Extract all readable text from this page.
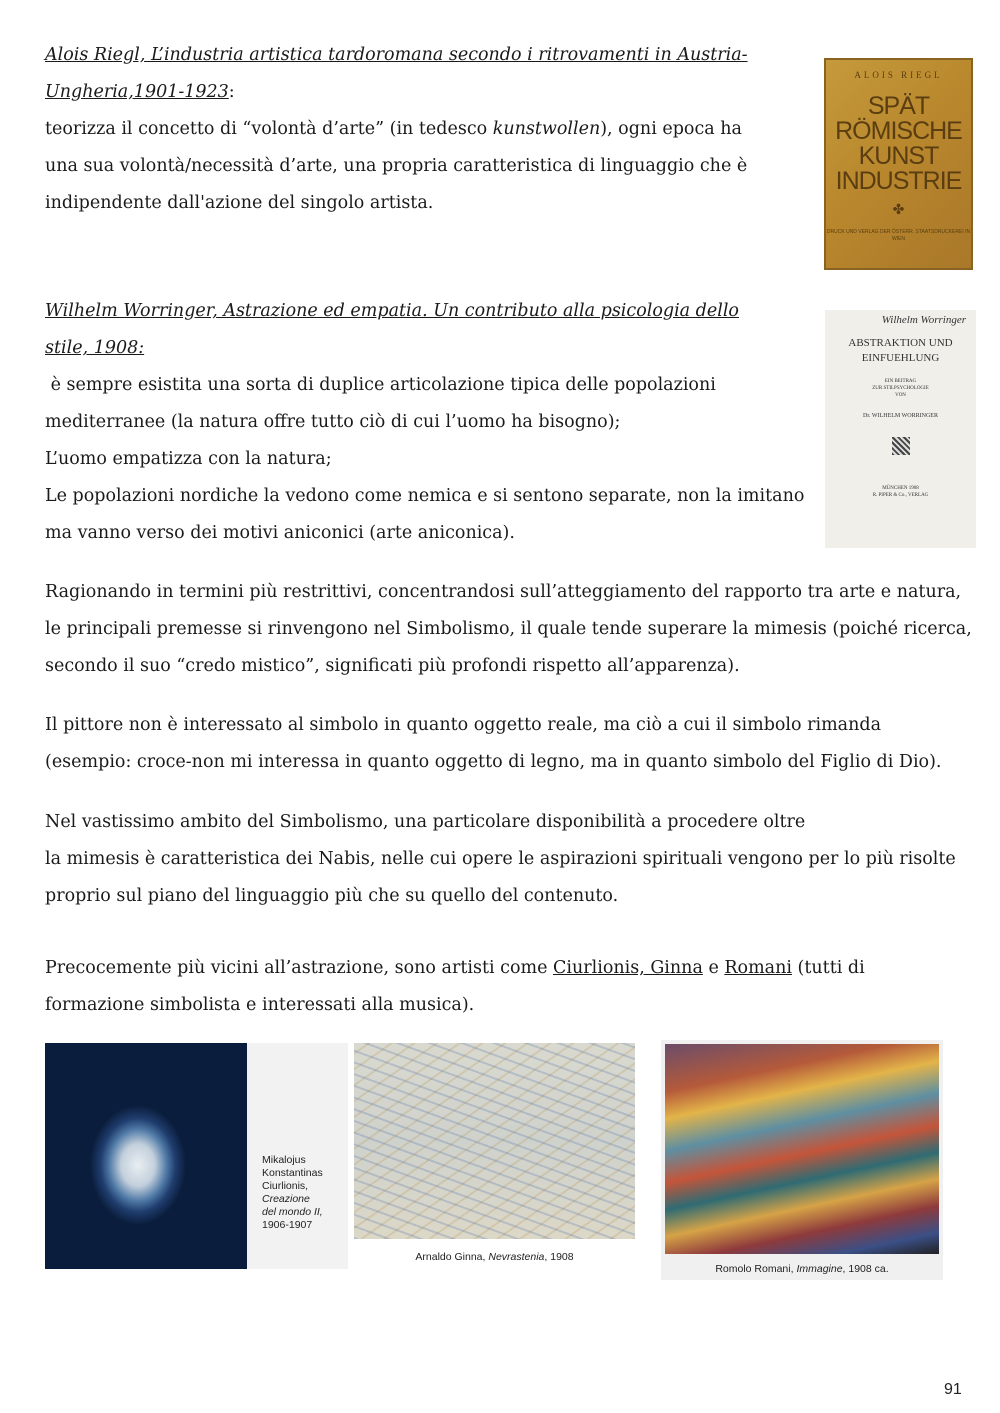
Alois Riegl, L’industria artistica tardoromana secondo i ritrovamenti in Austria-
Ungheria,1901-1923:
teorizza il concetto di “volontà d’arte” (in tedesco kunstwollen), ogni epoca ha
una sua volontà/necessità d’arte, una propria caratteristica di linguaggio che è
indipendente dall'azione del singolo artista.
ALOIS RIEGL
SPÄT
RÖMISCHE
KUNST
INDUSTRIE
✤
DRUCK UND VERLAG DER ÖSTERR. STAATSDRUCKEREI IN WIEN
Wilhelm Worringer, Astrazione ed empatia. Un contributo alla psicologia dello
stile, 1908:
è sempre esistita una sorta di duplice articolazione tipica delle popolazioni
mediterranee (la natura offre tutto ciò di cui l’uomo ha bisogno);
L’uomo empatizza con la natura;
Le popolazioni nordiche la vedono come nemica e si sentono separate, non la imitano
ma vanno verso dei motivi aniconici (arte aniconica).
Wilhelm Worringer
ABSTRAKTION UND
EINFUEHLUNG
EIN BEITRAG
ZUR STILPSYCHOLOGIE
VON
Dr. WILHELM WORRINGER
MÜNCHEN 1908
R. PIPER & Co., VERLAG
Ragionando in termini più restrittivi, concentrandosi sull’atteggiamento del rapporto tra arte e natura,
le principali premesse si rinvengono nel Simbolismo, il quale tende superare la mimesis (poiché ricerca,
secondo il suo “credo mistico”, significati più profondi rispetto all’apparenza).
Il pittore non è interessato al simbolo in quanto oggetto reale, ma ciò a cui il simbolo rimanda
(esempio: croce-non mi interessa in quanto oggetto di legno, ma in quanto simbolo del Figlio di Dio).
Nel vastissimo ambito del Simbolismo, una particolare disponibilità a procedere oltre
la mimesis è caratteristica dei Nabis, nelle cui opere le aspirazioni spirituali vengono per lo più risolte
proprio sul piano del linguaggio più che su quello del contenuto.
Precocemente più vicini all’astrazione, sono artisti come Ciurlionis, Ginna e Romani (tutti di
formazione simbolista e interessati alla musica).
Mikalojus
Konstantinas
Ciurlionis,
Creazione
del mondo II,
1906-1907
Arnaldo Ginna, Nevrastenia, 1908
Romolo Romani, Immagine, 1908 ca.
91
